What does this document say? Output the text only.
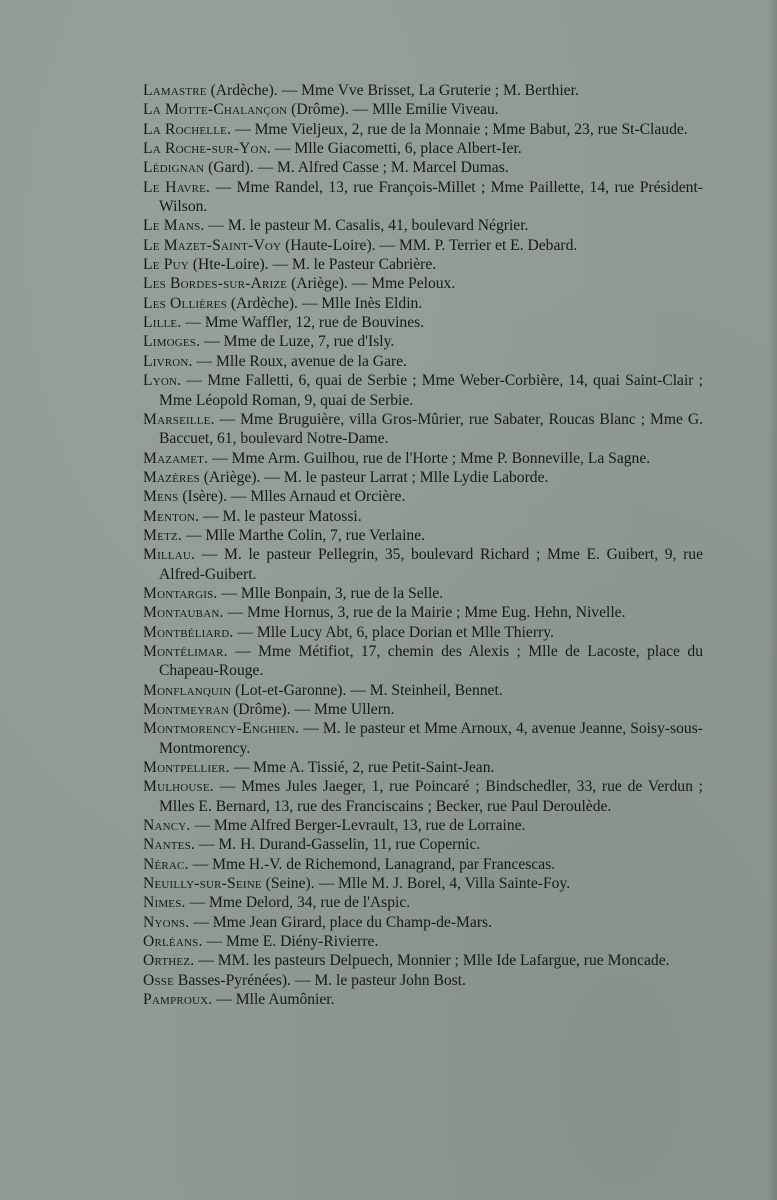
Lamastre (Ardèche). — Mme Vve Brisset, La Gruterie ; M. Berthier.
La Motte-Chalançon (Drôme). — Mlle Emilie Viveau.
La Rochelle. — Mme Vieljeux, 2, rue de la Monnaie ; Mme Babut, 23, rue St-Claude.
La Roche-sur-Yon. — Mlle Giacometti, 6, place Albert-Ier.
Lédignan (Gard). — M. Alfred Casse ; M. Marcel Dumas.
Le Havre. — Mme Randel, 13, rue François-Millet ; Mme Paillette, 14, rue Président-Wilson.
Le Mans. — M. le pasteur M. Casalis, 41, boulevard Négrier.
Le Mazet-Saint-Voy (Haute-Loire). — MM. P. Terrier et E. Debard.
Le Puy (Hte-Loire). — M. le Pasteur Cabrière.
Les Bordes-sur-Arize (Ariège). — Mme Peloux.
Les Ollières (Ardèche). — Mlle Inès Eldin.
Lille. — Mme Waffler, 12, rue de Bouvines.
Limoges. — Mme de Luze, 7, rue d'Isly.
Livron. — Mlle Roux, avenue de la Gare.
Lyon. — Mme Falletti, 6, quai de Serbie ; Mme Weber-Corbière, 14, quai Saint-Clair ; Mme Léopold Roman, 9, quai de Serbie.
Marseille. — Mme Bruguière, villa Gros-Mûrier, rue Sabater, Roucas Blanc ; Mme G. Baccuet, 61, boulevard Notre-Dame.
Mazamet. — Mme Arm. Guilhou, rue de l'Horte ; Mme P. Bonneville, La Sagne.
Mazères (Ariège). — M. le pasteur Larrat ; Mlle Lydie Laborde.
Mens (Isère). — Mlles Arnaud et Orcière.
Menton. — M. le pasteur Matossi.
Metz. — Mlle Marthe Colin, 7, rue Verlaine.
Millau. — M. le pasteur Pellegrin, 35, boulevard Richard ; Mme E. Guibert, 9, rue Alfred-Guibert.
Montargis. — Mlle Bonpain, 3, rue de la Selle.
Montauban. — Mme Hornus, 3, rue de la Mairie ; Mme Eug. Hehn, Nivelle.
Montbéliard. — Mlle Lucy Abt, 6, place Dorian et Mlle Thierry.
Montélimar. — Mme Métifiot, 17, chemin des Alexis ; Mlle de Lacoste, place du Chapeau-Rouge.
Monflanquin (Lot-et-Garonne). — M. Steinheil, Bennet.
Montmeyran (Drôme). — Mme Ullern.
Montmorency-Enghien. — M. le pasteur et Mme Arnoux, 4, avenue Jeanne, Soisy-sous-Montmorency.
Montpellier. — Mme A. Tissié, 2, rue Petit-Saint-Jean.
Mulhouse. — Mmes Jules Jaeger, 1, rue Poincaré ; Bindschedler, 33, rue de Verdun ; Mlles E. Bernard, 13, rue des Franciscains ; Becker, rue Paul Deroulède.
Nancy. — Mme Alfred Berger-Levrault, 13, rue de Lorraine.
Nantes. — M. H. Durand-Gasselin, 11, rue Copernic.
Nérac. — Mme H.-V. de Richemond, Lanagrand, par Francescas.
Neuilly-sur-Seine (Seine). — Mlle M. J. Borel, 4, Villa Sainte-Foy.
Nimes. — Mme Delord, 34, rue de l'Aspic.
Nyons. — Mme Jean Girard, place du Champ-de-Mars.
Orléans. — Mme E. Diény-Rivierre.
Orthez. — MM. les pasteurs Delpuech, Monnier ; Mlle Ide Lafargue, rue Moncade.
Osse Basses-Pyrénées). — M. le pasteur John Bost.
Pamproux. — Mlle Aumônier.
